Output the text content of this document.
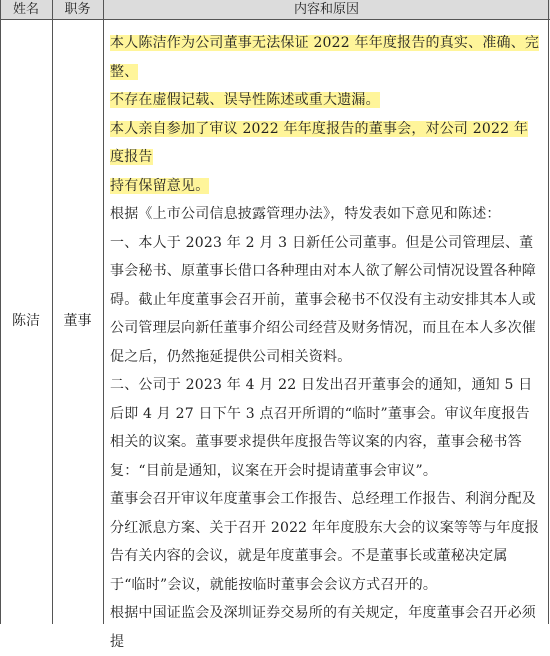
姓名	职务	内容和原因
陈洁	董事

本人陈洁作为公司董事无法保证 2022 年年度报告的真实、准确、完整、

不存在虚假记载、误导性陈述或重大遗漏。

本人亲自参加了审议 2022 年年度报告的董事会，对公司 2022 年度报告

持有保留意见。

根据《上市公司信息披露管理办法》，特发表如下意见和陈述：

一、本人于 2023 年 2 月 3 日新任公司董事。但是公司管理层、董事会秘书、原董事长借口各种理由对本人欲了解公司情况设置各种障碍。截止年度董事会召开前，董事会秘书不仅没有主动安排其本人或公司管理层向新任董事介绍公司经营及财务情况，而且在本人多次催促之后，仍然拖延提供公司相关资料。

二、公司于 2023 年 4 月 22 日发出召开董事会的通知，通知 5 日后即 4 月 27 日下午 3 点召开所谓的“临时”董事会。审议年度报告相关的议案。董事要求提供年度报告等议案的内容，董事会秘书答复：“目前是通知，议案在开会时提请董事会审议”。

董事会召开审议年度董事会工作报告、总经理工作报告、利润分配及分红派息方案、关于召开 2022 年年度股东大会的议案等等与年度报告有关内容的会议，就是年度董事会。不是董事长或董秘决定属于“临时”会议，就能按临时董事会会议方式召开的。

根据中国证监会及深圳证券交易所的有关规定，年度董事会召开必须提
